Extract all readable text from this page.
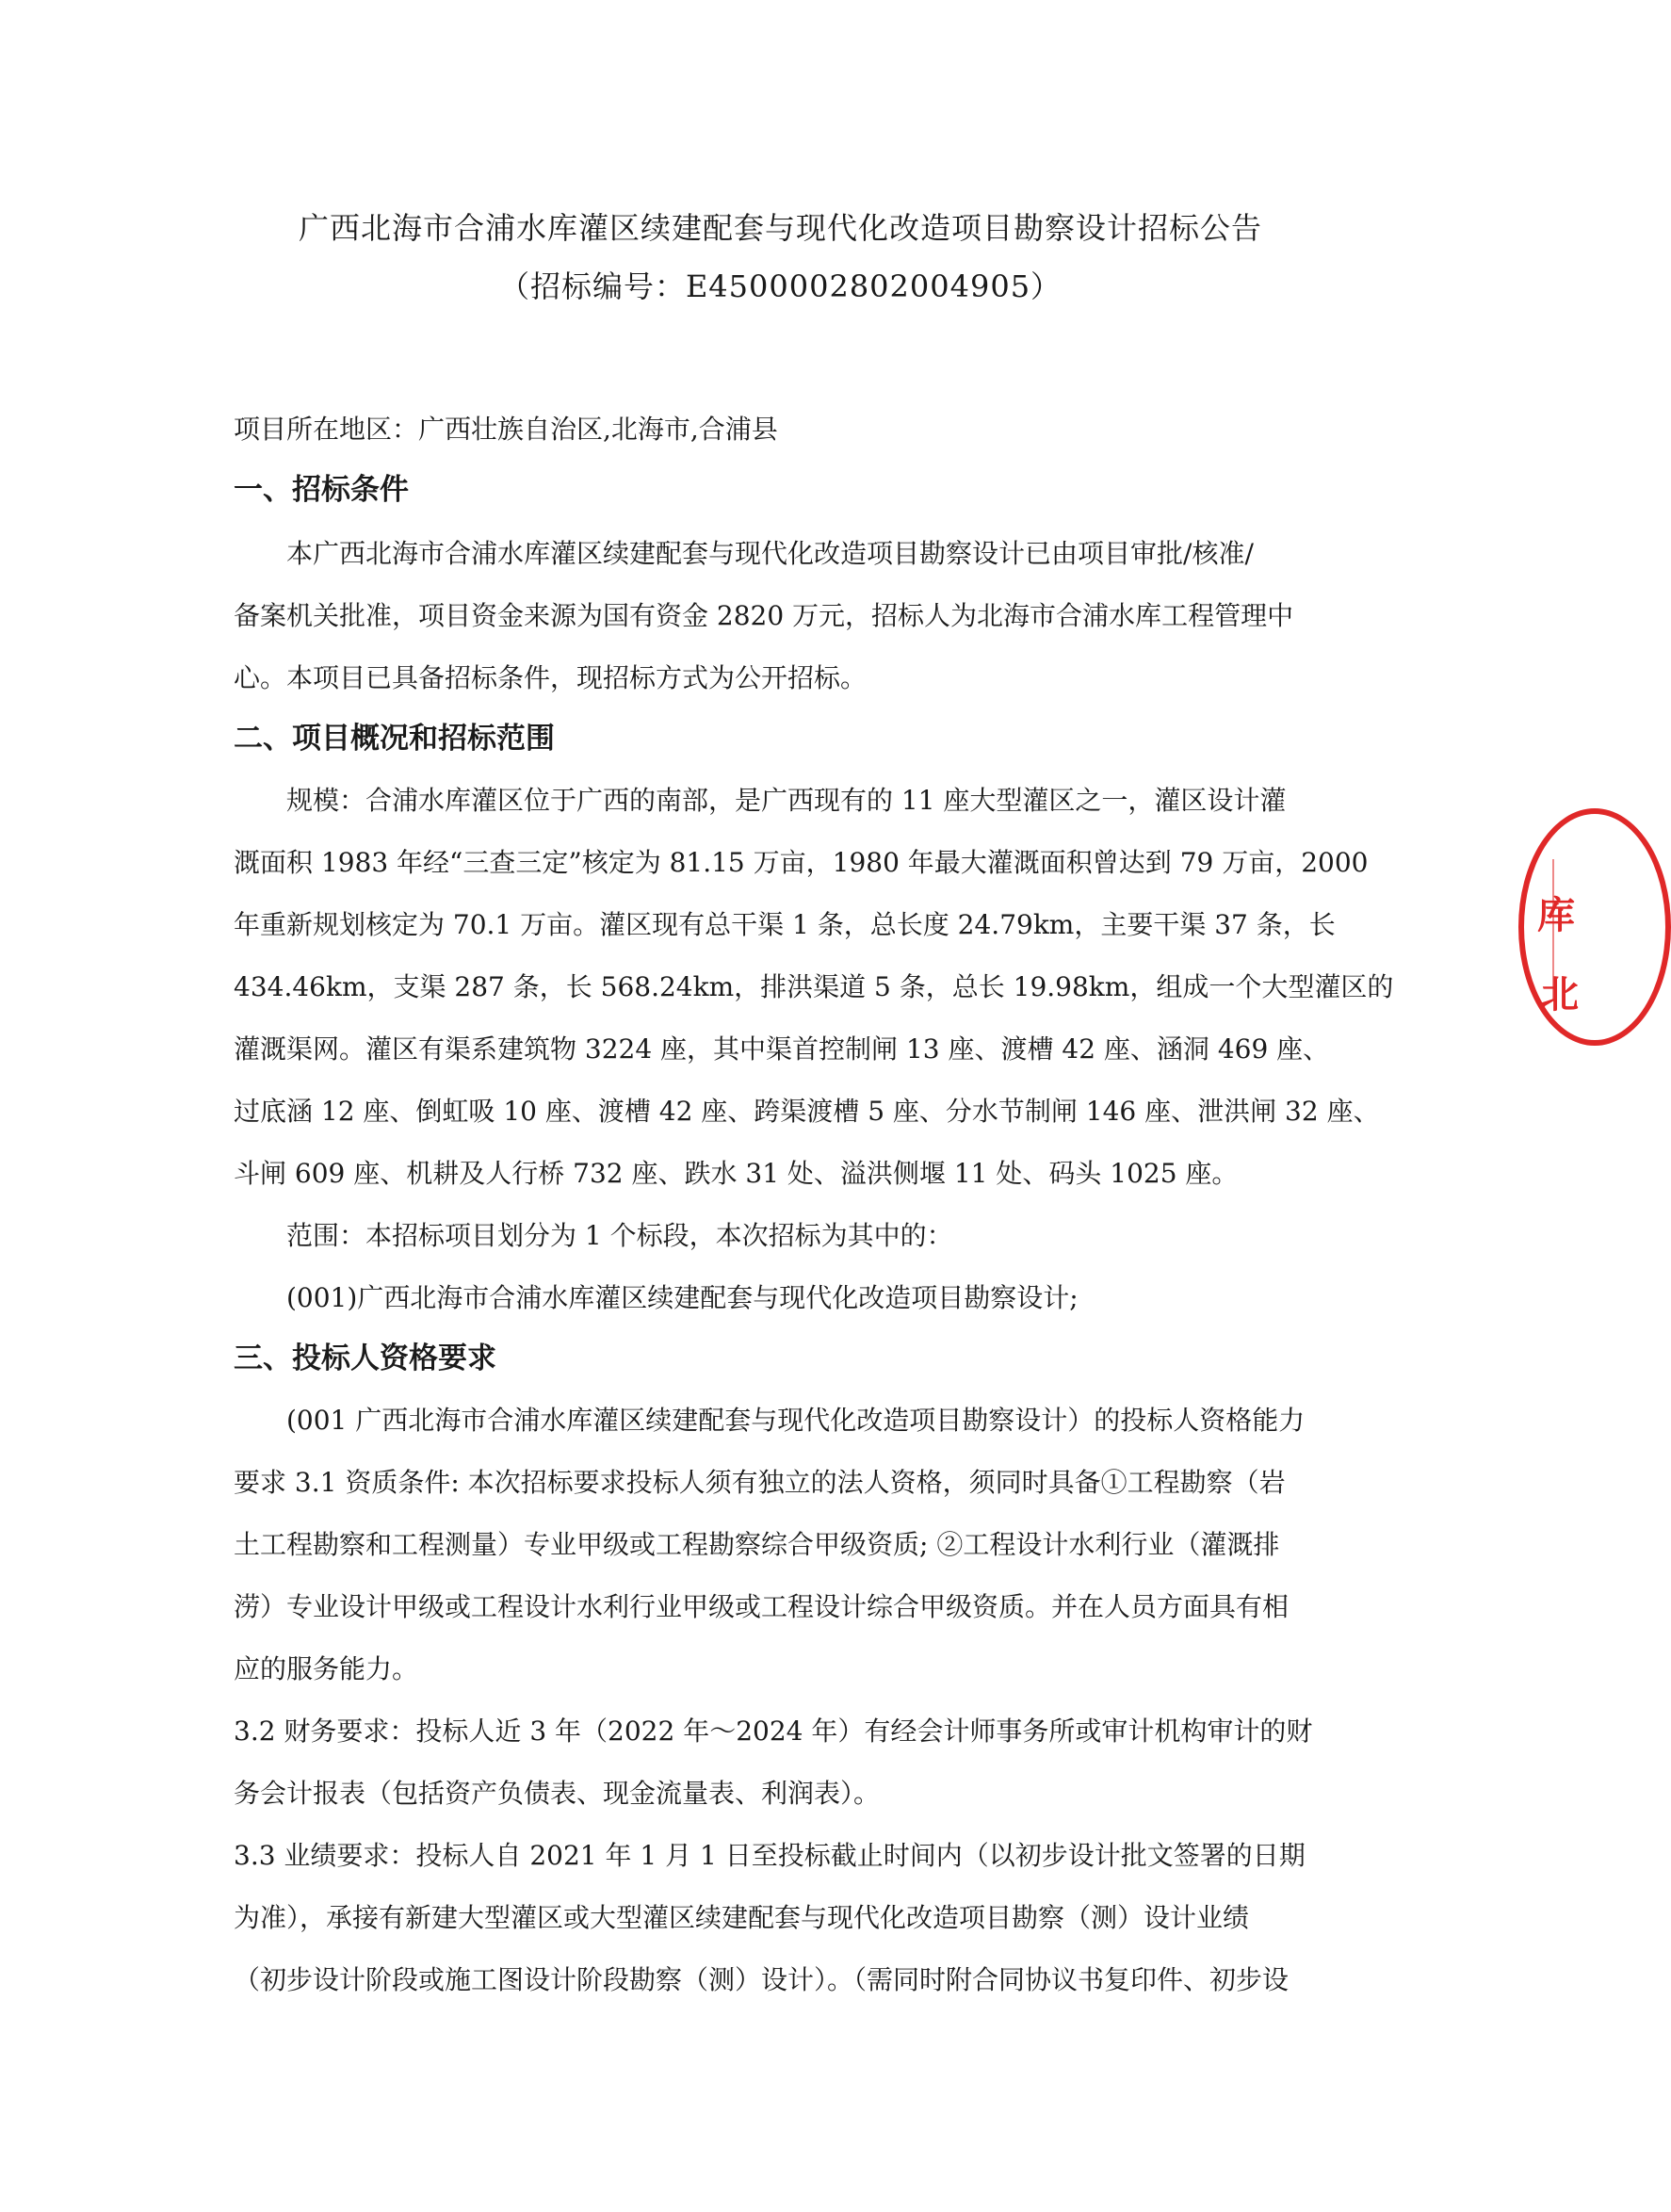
广西北海市合浦水库灌区续建配套与现代化改造项目勘察设计招标公告
（招标编号：E4500002802004905）
项目所在地区：广西壮族自治区,北海市,合浦县
一、招标条件
本广西北海市合浦水库灌区续建配套与现代化改造项目勘察设计已由项目审批/核准/
备案机关批准，项目资金来源为国有资金 2820 万元，招标人为北海市合浦水库工程管理中
心。本项目已具备招标条件，现招标方式为公开招标。
二、项目概况和招标范围
规模：合浦水库灌区位于广西的南部，是广西现有的 11 座大型灌区之一，灌区设计灌
溉面积 1983 年经“三查三定”核定为 81.15 万亩，1980 年最大灌溉面积曾达到 79 万亩，2000
年重新规划核定为 70.1 万亩。灌区现有总干渠 1 条，总长度 24.79km，主要干渠 37 条，长
434.46km，支渠 287 条，长 568.24km，排洪渠道 5 条，总长 19.98km，组成一个大型灌区的
灌溉渠网。灌区有渠系建筑物 3224 座，其中渠首控制闸 13 座、渡槽 42 座、涵洞 469 座、
过底涵 12 座、倒虹吸 10 座、渡槽 42 座、跨渠渡槽 5 座、分水节制闸 146 座、泄洪闸 32 座、
斗闸 609 座、机耕及人行桥 732 座、跌水 31 处、溢洪侧堰 11 处、码头 1025 座。
范围：本招标项目划分为 1 个标段，本次招标为其中的：
(001)广西北海市合浦水库灌区续建配套与现代化改造项目勘察设计;
三、投标人资格要求
(001 广西北海市合浦水库灌区续建配套与现代化改造项目勘察设计）的投标人资格能力
要求 3.1 资质条件: 本次招标要求投标人须有独立的法人资格，须同时具备①工程勘察（岩
土工程勘察和工程测量）专业甲级或工程勘察综合甲级资质; ②工程设计水利行业（灌溉排
涝）专业设计甲级或工程设计水利行业甲级或工程设计综合甲级资质。并在人员方面具有相
应的服务能力。
3.2 财务要求：投标人近 3 年（2022 年～2024 年）有经会计师事务所或审计机构审计的财
务会计报表（包括资产负债表、现金流量表、利润表）。
3.3 业绩要求：投标人自 2021 年 1 月 1 日至投标截止时间内（以初步设计批文签署的日期
为准），承接有新建大型灌区或大型灌区续建配套与现代化改造项目勘察（测）设计业绩
（初步设计阶段或施工图设计阶段勘察（测）设计）。（需同时附合同协议书复印件、初步设
库
北
